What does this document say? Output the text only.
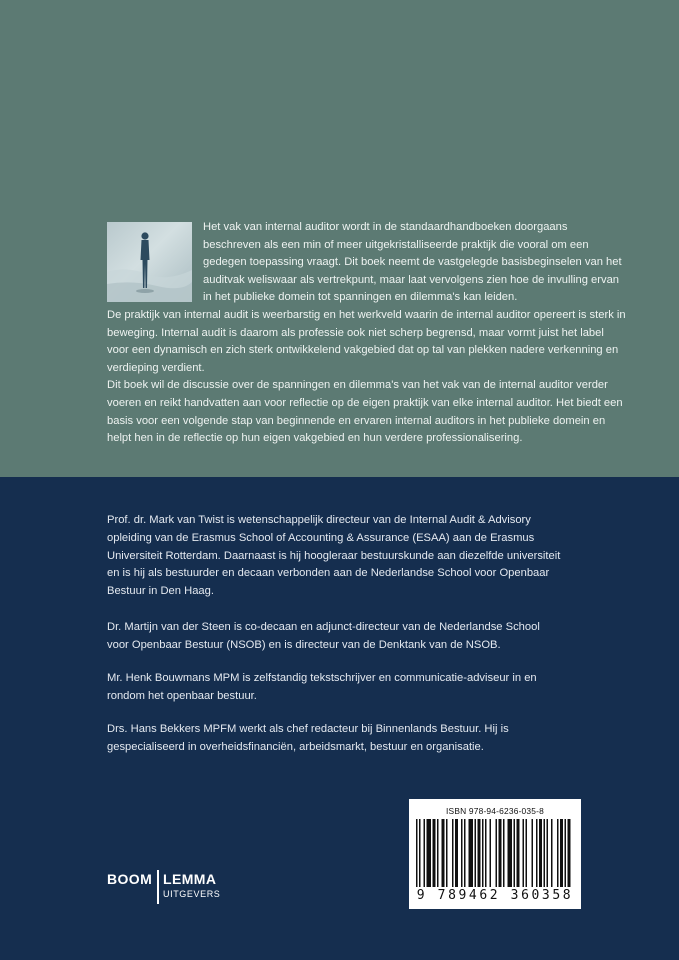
Het vak van internal auditor wordt in de standaardhandboeken doorgaans beschreven als een min of meer uitgekristalliseerde praktijk die vooral om een gedegen toepassing vraagt. Dit boek neemt de vastgelegde basisbeginselen van het auditvak weliswaar als vertrekpunt, maar laat vervolgens zien hoe de invulling ervan in het publieke domein tot spanningen en dilemma's kan leiden.

De praktijk van internal audit is weerbarstig en het werkveld waarin de internal auditor opereert is sterk in beweging. Internal audit is daarom als professie ook niet scherp begrensd, maar vormt juist het label voor een dynamisch en zich sterk ontwikkelend vakgebied dat op tal van plekken nadere verkenning en verdieping verdient.

Dit boek wil de discussie over de spanningen en dilemma's van het vak van de internal auditor verder voeren en reikt handvatten aan voor reflectie op de eigen praktijk van elke internal auditor. Het biedt een basis voor een volgende stap van beginnende en ervaren internal auditors in het publieke domein en helpt hen in de reflectie op hun eigen vakgebied en hun verdere professionalisering.

Prof. dr. Mark van Twist is wetenschappelijk directeur van de Internal Audit & Advisory opleiding van de Erasmus School of Accounting & Assurance (ESAA) aan de Erasmus Universiteit Rotterdam. Daarnaast is hij hoogleraar bestuurskunde aan diezelfde universiteit en is hij als bestuurder en decaan verbonden aan de Nederlandse School voor Openbaar Bestuur in Den Haag.

Dr. Martijn van der Steen is co-decaan en adjunct-directeur van de Nederlandse School voor Openbaar Bestuur (NSOB) en is directeur van de Denktank van de NSOB.

Mr. Henk Bouwmans MPM is zelfstandig tekstschrijver en communicatie-adviseur in en rondom het openbaar bestuur.

Drs. Hans Bekkers MPFM werkt als chef redacteur bij Binnenlands Bestuur. Hij is gespecialiseerd in overheidsfinanciën, arbeidsmarkt, bestuur en organisatie.

ISBN 978-94-6236-035-8
9 789462 360358
BOOM LEMMA
UITGEVERS
